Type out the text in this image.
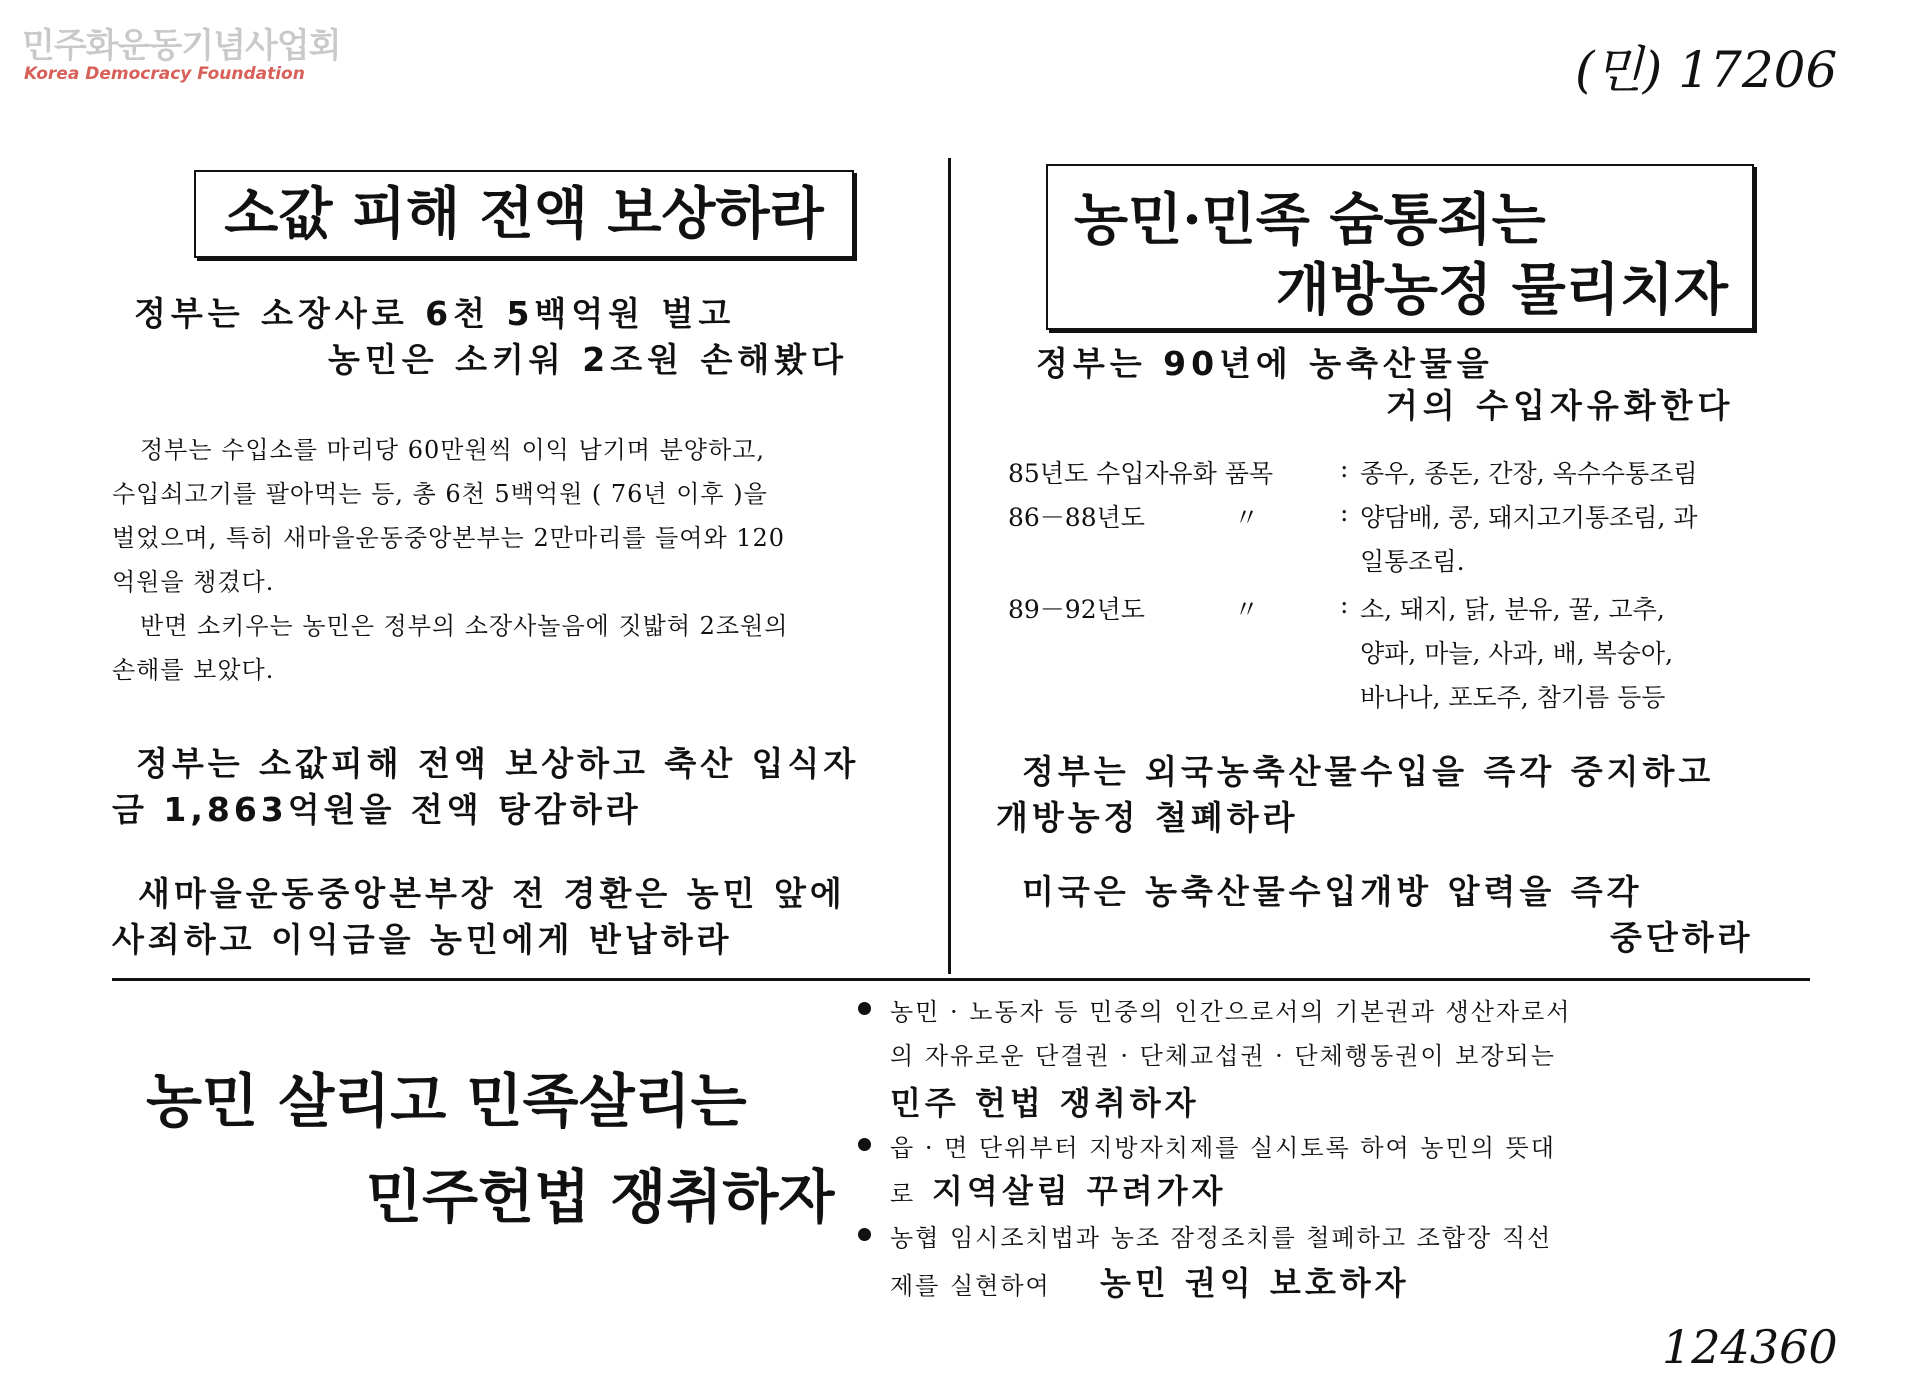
민주화운동기념사업회
Korea Democracy Foundation	(민) 17206
소값 피해 전액 보상하라
정부는 소장사로 6천 5백억원 벌고
농민은 소키워 2조원 손해봤다
정부는 수입소를 마리당 60만원씩 이익 남기며 분양하고,
수입쇠고기를 팔아먹는 등, 총 6천 5백억원 ( 76년 이후 )을
벌었으며, 특히 새마을운동중앙본부는 2만마리를 들여와 120
억원을 챙겼다.
반면 소키우는 농민은 정부의 소장사놀음에 짓밟혀 2조원의
손해를 보았다.
정부는 소값피해 전액 보상하고 축산 입식자
금 1,863억원을 전액 탕감하라
새마을운동중앙본부장 전 경환은 농민 앞에
사죄하고 이익금을 농민에게 반납하라
농민·민족 숨통죄는
개방농정 물리치자
정부는 90년에 농축산물을
거의 수입자유화한다
85년도 수입자유화 품목	: 종우, 종돈, 간장, 옥수수통조림
86－88년도	〃	: 양담배, 콩, 돼지고기통조림, 과
일통조림.
89－92년도	〃	: 소, 돼지, 닭, 분유, 꿀, 고추,
양파, 마늘, 사과, 배, 복숭아,
바나나, 포도주, 참기름 등등
정부는 외국농축산물수입을 즉각 중지하고
개방농정 철폐하라
미국은 농축산물수입개방 압력을 즉각
중단하라
농민 살리고 민족살리는
민주헌법 쟁취하자
농민 · 노동자 등 민중의 인간으로서의 기본권과 생산자로서
의 자유로운 단결권 · 단체교섭권 · 단체행동권이 보장되는
민주 헌법 쟁취하자
읍 · 면 단위부터 지방자치제를 실시토록 하여 농민의 뜻대
로 지역살림 꾸려가자
농협 임시조치법과 농조 잠정조치를 철폐하고 조합장 직선
제를 실현하여 농민 권익 보호하자
124360
